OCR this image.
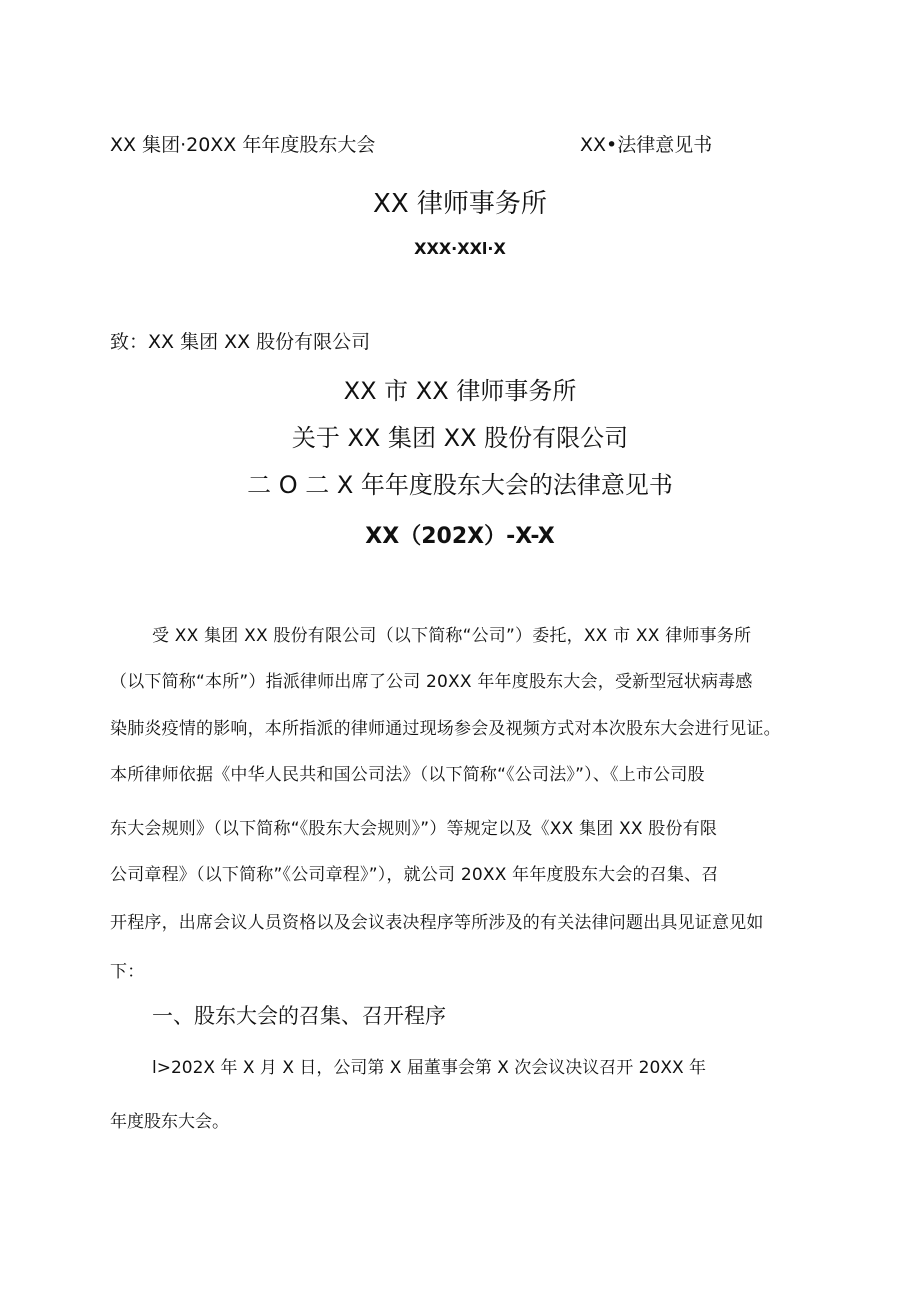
XX 集团·20XX 年年度股东大会	XX•法律意见书
XX 律师事务所
XXX·XXl·X
致：XX 集团 XX 股份有限公司
XX 市 XX 律师事务所
关于 XX 集团 XX 股份有限公司
二 O 二 X 年年度股东大会的法律意见书
XX（202X）-X-X
受 XX 集团 XX 股份有限公司（以下简称“公司”）委托，XX 市 XX 律师事务所
（以下简称“本所”）指派律师出席了公司 20XX 年年度股东大会，受新型冠状病毒感
染肺炎疫情的影响，本所指派的律师通过现场参会及视频方式对本次股东大会进行见证。
本所律师依据《中华人民共和国公司法》（以下简称“《公司法》”）、《上市公司股
东大会规则》（以下简称“《股东大会规则》”）等规定以及《XX 集团 XX 股份有限
公司章程》（以下简称”《公司章程》”），就公司 20XX 年年度股东大会的召集、召
开程序，出席会议人员资格以及会议表决程序等所涉及的有关法律问题出具见证意见如
下：
一、股东大会的召集、召开程序
l>202X 年 X 月 X 日，公司第 X 届董事会第 X 次会议决议召开 20XX 年
年度股东大会。
